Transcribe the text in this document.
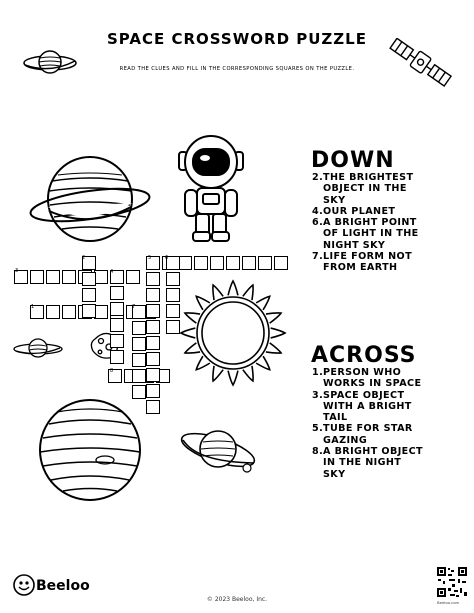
SPACE CROSSWORD PUZZLE
READ THE CLUES AND FILL IN THE CORRESPONDING SQUARES ON THE PUZZLE.
3
2
4
5
1
6
7
8
DOWN
2.THE BRIGHTEST OBJECT IN THE SKY
4.OUR PLANET
6.A BRIGHT POINT OF LIGHT IN THE NIGHT SKY
7.LIFE FORM NOT FROM EARTH
ACROSS
1.PERSON WHO WORKS IN SPACE
3.SPACE OBJECT WITH A BRIGHT TAIL
5.TUBE FOR STAR GAZING
8.A BRIGHT OBJECT IN THE NIGHT SKY
Beeloo
© 2023 Beeloo, Inc.	Beeloo.com
